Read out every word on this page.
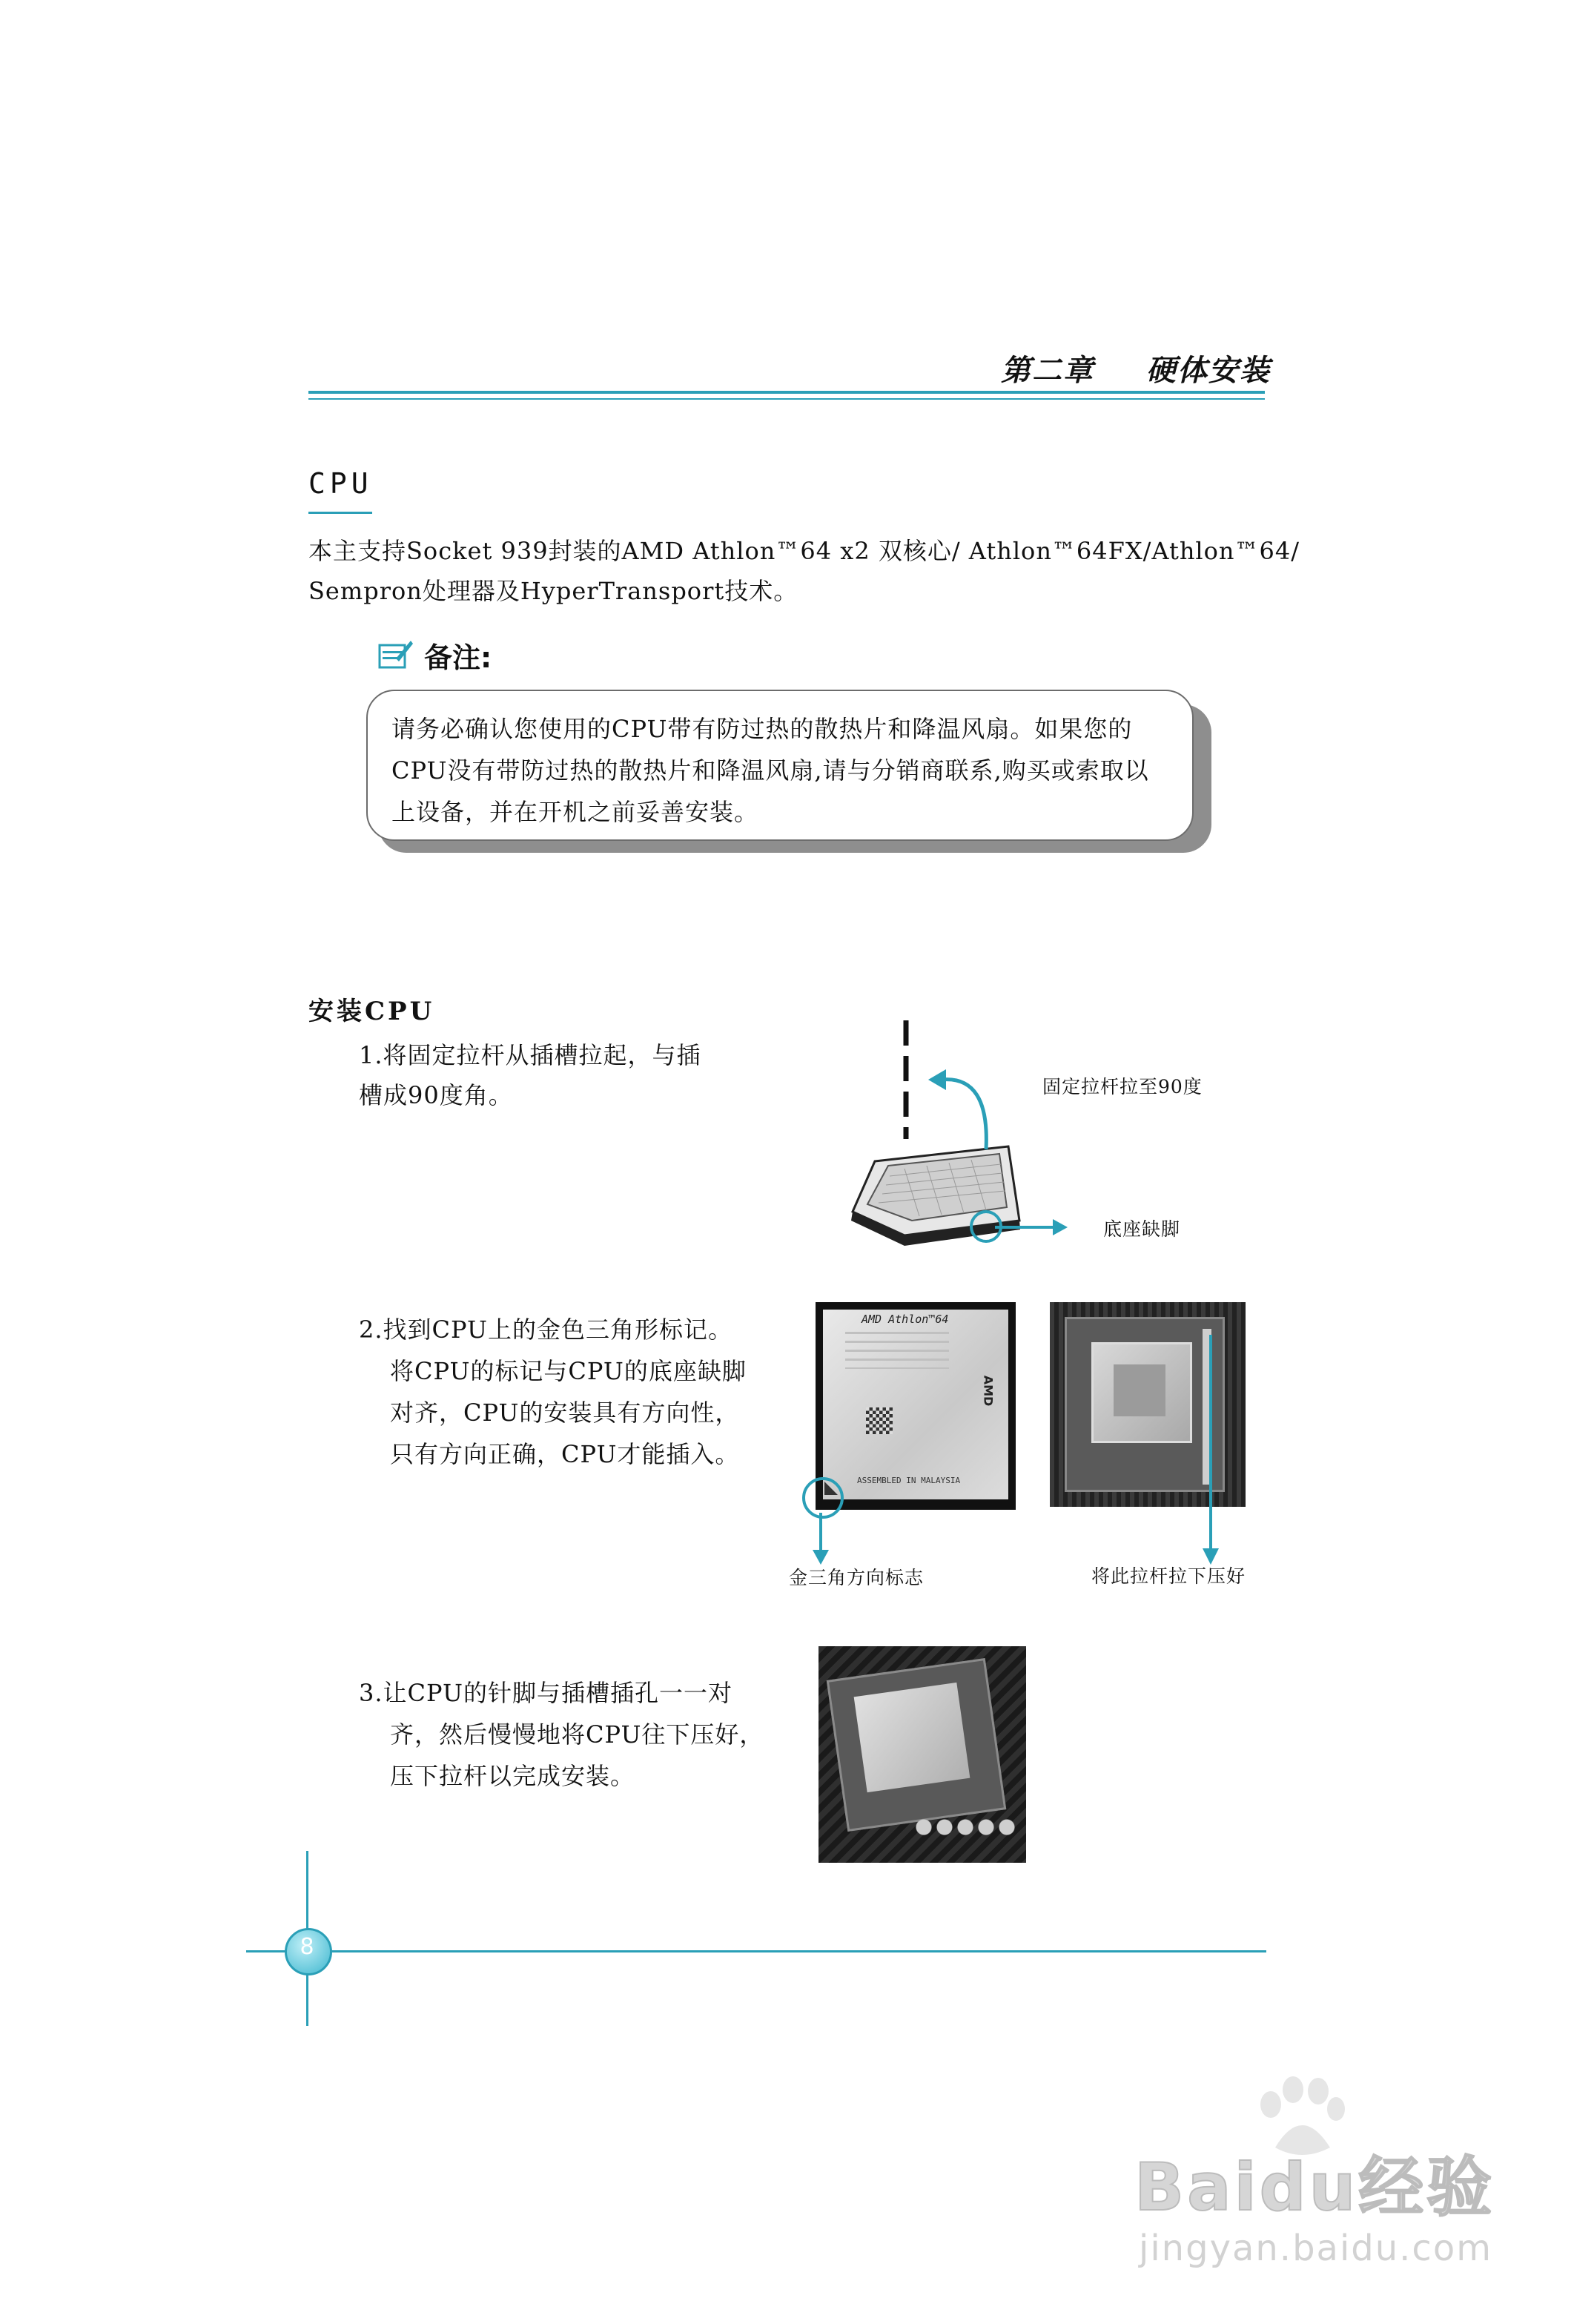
第二章 硬体安装
CPU
本主支持Socket 939封装的AMD Athlon™64 x2 双核心/ Athlon™64FX/Athlon™64/
Sempron处理器及HyperTransport技术。
备注:
请务必确认您使用的CPU带有防过热的散热片和降温风扇。如果您的
CPU没有带防过热的散热片和降温风扇,请与分销商联系,购买或索取以
上设备，并在开机之前妥善安装。
安装CPU
1.将固定拉杆从插槽拉起，与插
槽成90度角。	固定拉杆拉至90度
底座缺脚
2.找到CPU上的金色三角形标记。
将CPU的标记与CPU的底座缺脚
对齐，CPU的安装具有方向性，
只有方向正确，CPU才能插入。
AMD Athlon™64
AMD
ASSEMBLED IN MALAYSIA
金三角方向标志	将此拉杆拉下压好
3.让CPU的针脚与插槽插孔一一对
齐，然后慢慢地将CPU往下压好，
压下拉杆以完成安装。
8
Baidu经验
jingyan.baidu.com
